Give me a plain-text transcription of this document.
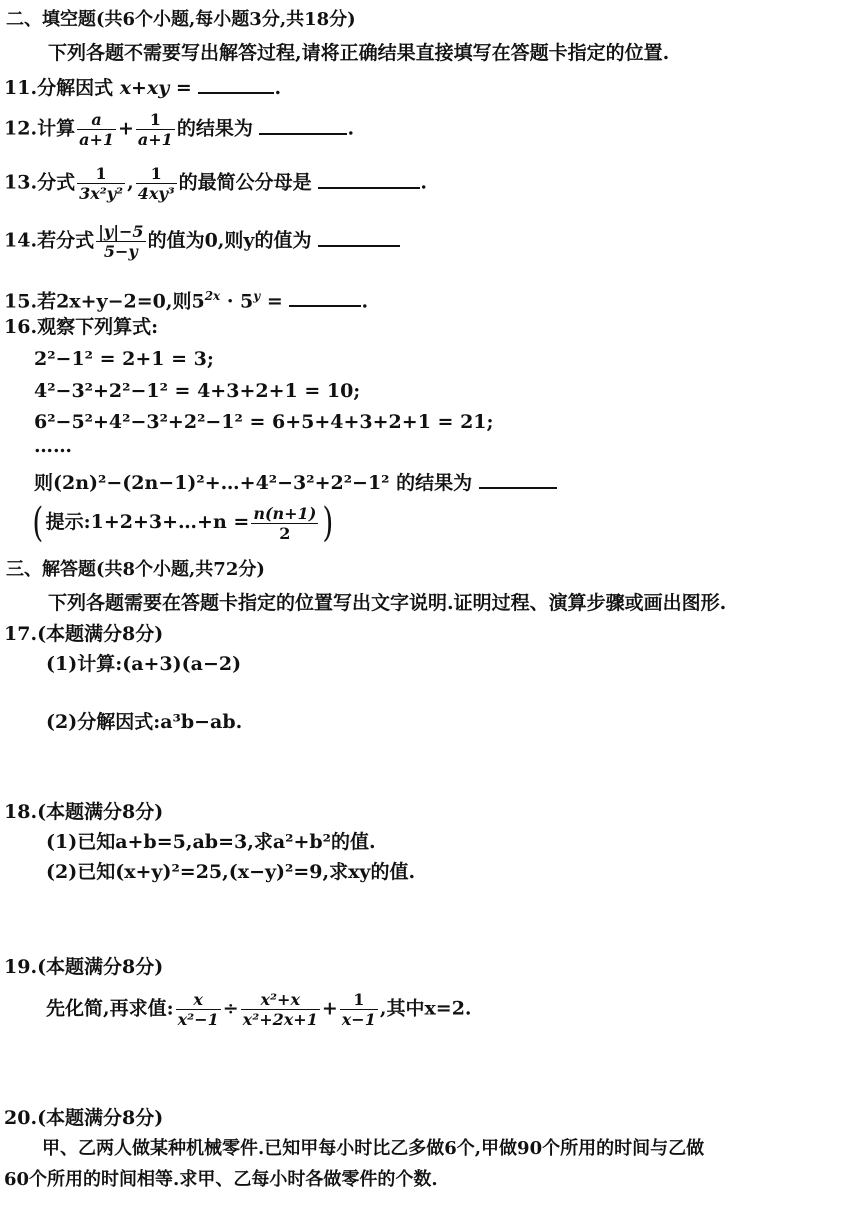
二、填空题(共6个小题,每小题3分,共18分)
下列各题不需要写出解答过程,请将正确结果直接填写在答题卡指定的位置.
11.分解因式 x+xy =	.
12.计算 $\frac{a}{a+1} + \frac{1}{a+1}$ 的结果为	.
13.分式 $\frac{1}{\text{3x²y²}}$ , $\frac{1}{\text{4xy³}}$ 的最简公分母是	.
14.若分式 $\frac{|y|-5}{5-y}$ 的值为0,则y的值为
15.若2x+y−2=0,则$5^{2x} \cdot 5^y$ =	.
16.观察下列算式:
2²−1² = 2+1 = 3;
4²−3²+2²−1² = 4+3+2+1 = 10;
6²−5²+4²−3²+2²−1² = 6+5+4+3+2+1 = 21;
……
则(2n)²−(2n−1)²+…+4²−3²+2²−1² 的结果为
( 提示:1+2+3+…+n = $\frac{n(n+1)}{2}$ )
三、解答题(共8个小题,共72分)
下列各题需要在答题卡指定的位置写出文字说明.证明过程、演算步骤或画出图形.
17.(本题满分8分)
(1)计算:(a+3)(a−2)
(2)分解因式:a³b−ab.
18.(本题满分8分)
(1)已知a+b=5,ab=3,求a²+b²的值.
(2)已知(x+y)²=25,(x−y)²=9,求xy的值.
19.(本题满分8分)
先化简,再求值: $\frac{x}{\text{x²−1}} \div \frac{\text{x²+x}}{\text{x²+2x+1}} + \frac{1}{x-1}$ ,其中x=2.
20.(本题满分8分)
甲、乙两人做某种机械零件.已知甲每小时比乙多做6个,甲做90个所用的时间与乙做
60个所用的时间相等.求甲、乙每小时各做零件的个数.
